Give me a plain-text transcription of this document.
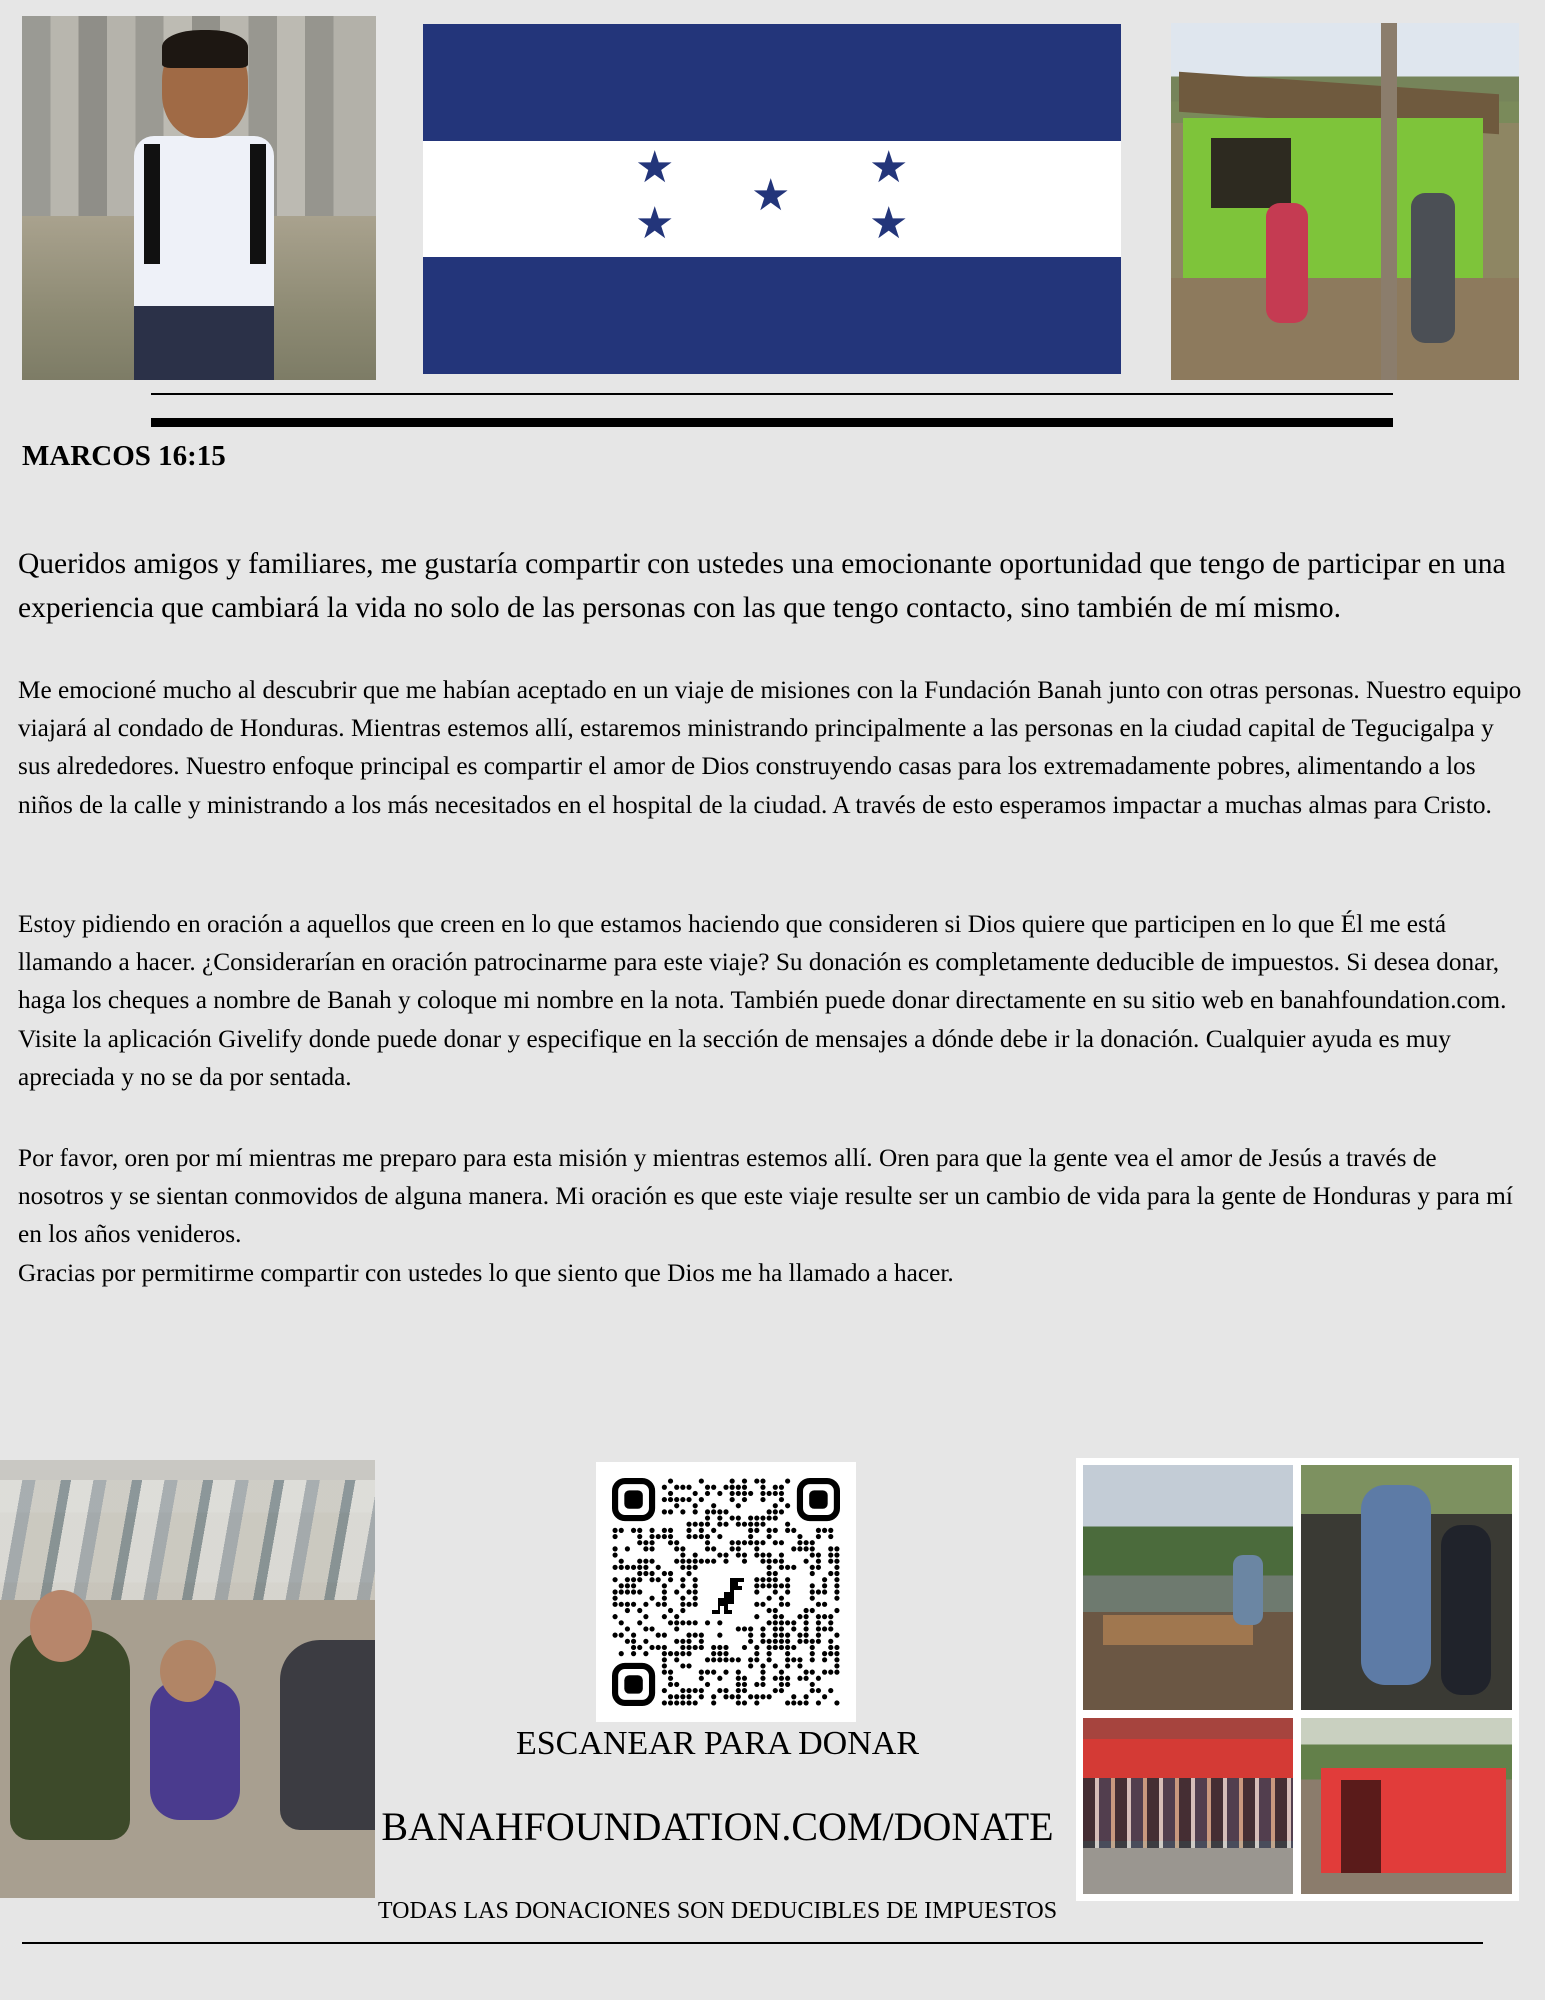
★
★
★
★
★
MARCOS 16:15
Queridos amigos y familiares, me gustaría compartir con ustedes una emocionante oportunidad que tengo de participar en una experiencia que cambiará la vida no solo de las personas con las que tengo contacto, sino también de mí mismo.
Me emocioné mucho al descubrir que me habían aceptado en un viaje de misiones con la Fundación Banah junto con otras personas. Nuestro equipo viajará al condado de Honduras. Mientras estemos allí, estaremos ministrando principalmente a las personas en la ciudad capital de Tegucigalpa y sus alrededores. Nuestro enfoque principal es compartir el amor de Dios construyendo casas para los extremadamente pobres, alimentando a los niños de la calle y ministrando a los más necesitados en el hospital de la ciudad. A través de esto esperamos impactar a muchas almas para Cristo.
Estoy pidiendo en oración a aquellos que creen en lo que estamos haciendo que consideren si Dios quiere que participen en lo que Él me está llamando a hacer. ¿Considerarían en oración patrocinarme para este viaje? Su donación es completamente deducible de impuestos. Si desea donar, haga los cheques a nombre de Banah y coloque mi nombre en la nota. También puede donar directamente en su sitio web en banahfoundation.com. Visite la aplicación Givelify donde puede donar y especifique en la sección de mensajes a dónde debe ir la donación. Cualquier ayuda es muy apreciada y no se da por sentada.
Por favor, oren por mí mientras me preparo para esta misión y mientras estemos allí. Oren para que la gente vea el amor de Jesús a través de nosotros y se sientan conmovidos de alguna manera. Mi oración es que este viaje resulte ser un cambio de vida para la gente de Honduras y para mí en los años venideros.
Gracias por permitirme compartir con ustedes lo que siento que Dios me ha llamado a hacer.
ESCANEAR PARA DONAR
BANAHFOUNDATION.COM/DONATE
TODAS LAS DONACIONES SON DEDUCIBLES DE IMPUESTOS
